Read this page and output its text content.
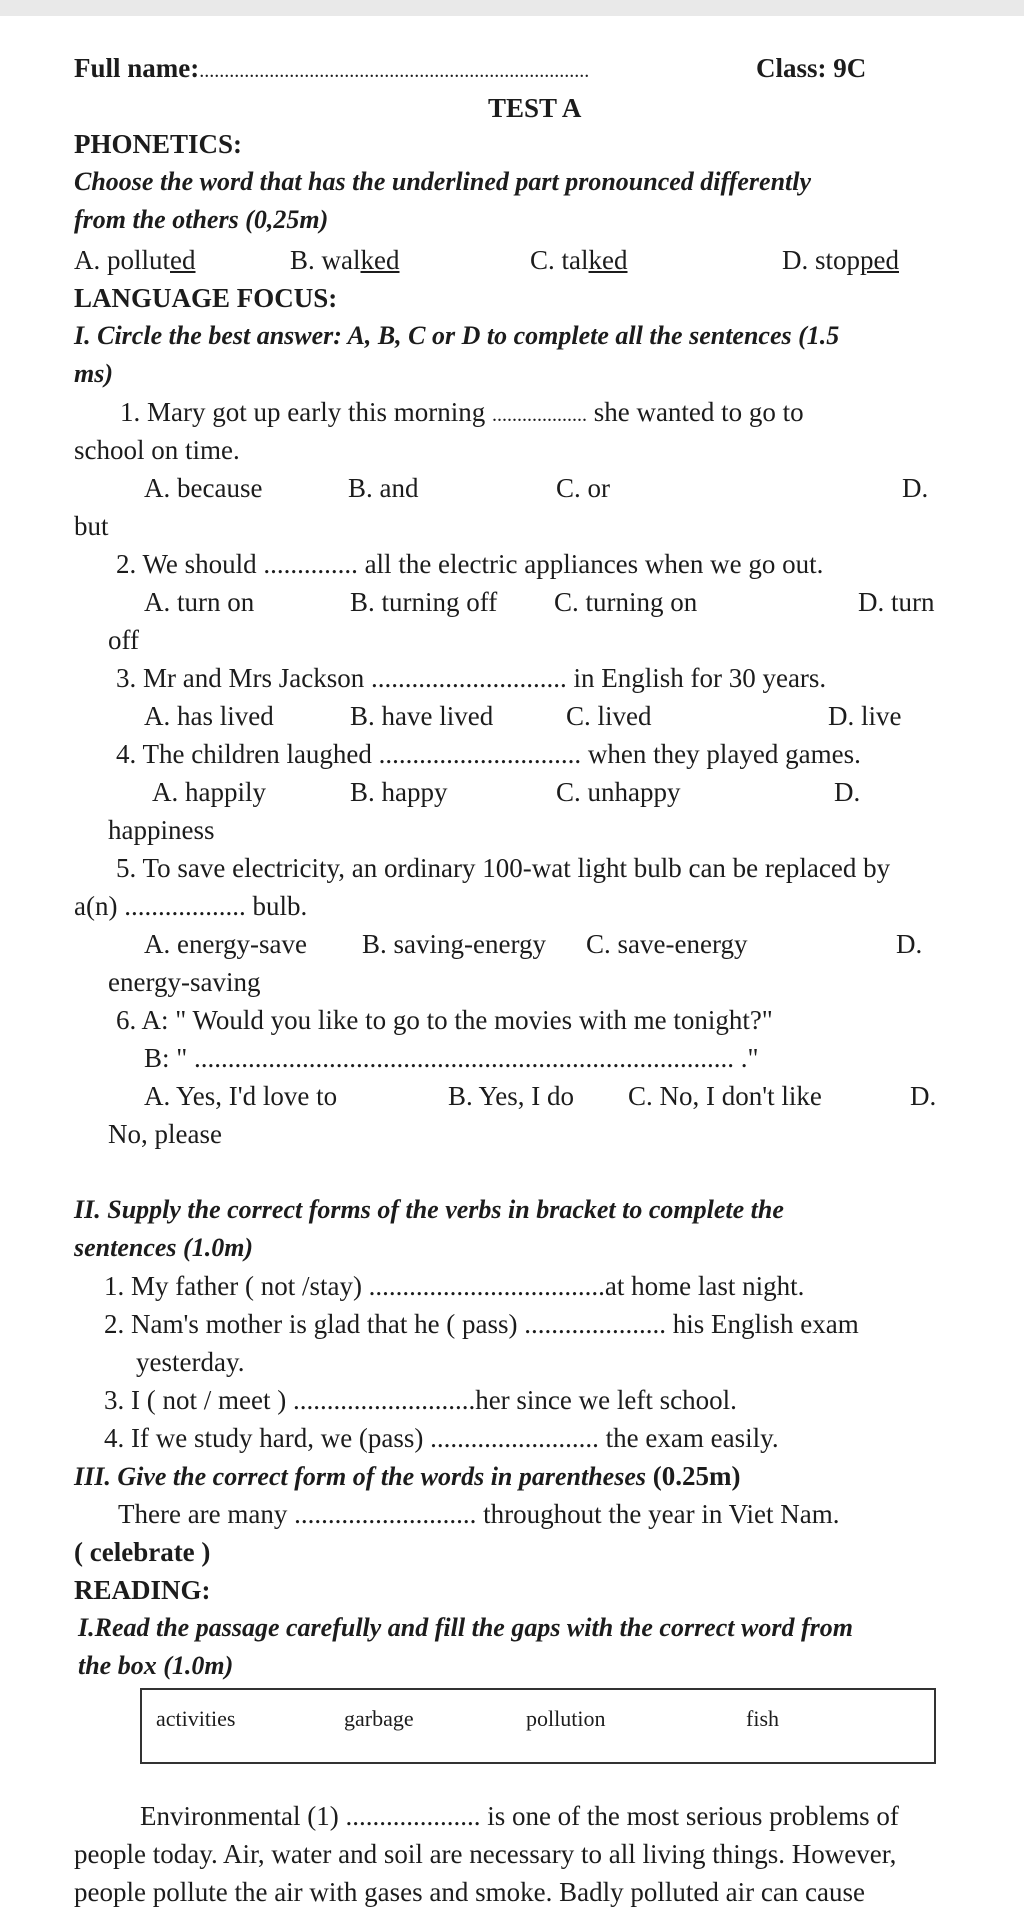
Full name:..............................................................................	Class: 9C
TEST A
PHONETICS:
Choose the word that has the underlined part pronounced differently
from the others (0,25m)
A. polluted	B. walked	C. talked	D. stopped
LANGUAGE FOCUS:
I. Circle the best answer: A, B, C or D to complete all the sentences (1.5
ms)
1. Mary got up early this morning ................... she wanted to go to
school on time.
A. because	B. and	C. or	D.
but
2. We should .............. all the electric appliances when we go out.
A. turn on	B. turning off C. turning on	D. turn
off
3. Mr and Mrs Jackson ............................. in English for 30 years.
A. has lived	B. have lived	C. lived	D. live
4. The children laughed .............................. when they played games.
A. happily	B. happy	C. unhappy	D.
happiness
5. To save electricity, an ordinary 100-wat light bulb can be replaced by
a(n) .................. bulb.
A. energy-save B. saving-energy C. save-energy	D.
energy-saving
6. A: " Would you like to go to the movies with me tonight?"
B: " ................................................................................ ."
A. Yes, I'd love to	B. Yes, I do C. No, I don't like	D.
No, please
II. Supply the correct forms of the verbs in bracket to complete the
sentences (1.0m)
1. My father ( not /stay) ...................................at home last night.
2. Nam's mother is glad that he ( pass) ..................... his English exam
yesterday.
3. I ( not / meet ) ...........................her since we left school.
4. If we study hard, we (pass) ......................... the exam easily.
III. Give the correct form of the words in parentheses (0.25m)
There are many ........................... throughout the year in Viet Nam.
( celebrate )
READING:
I.Read the passage carefully and fill the gaps with the correct word from
the box (1.0m)
activities	garbage	pollution	fish
Environmental (1) .................... is one of the most serious problems of
people today. Air, water and soil are necessary to all living things. However,
people pollute the air with gases and smoke. Badly polluted air can cause
